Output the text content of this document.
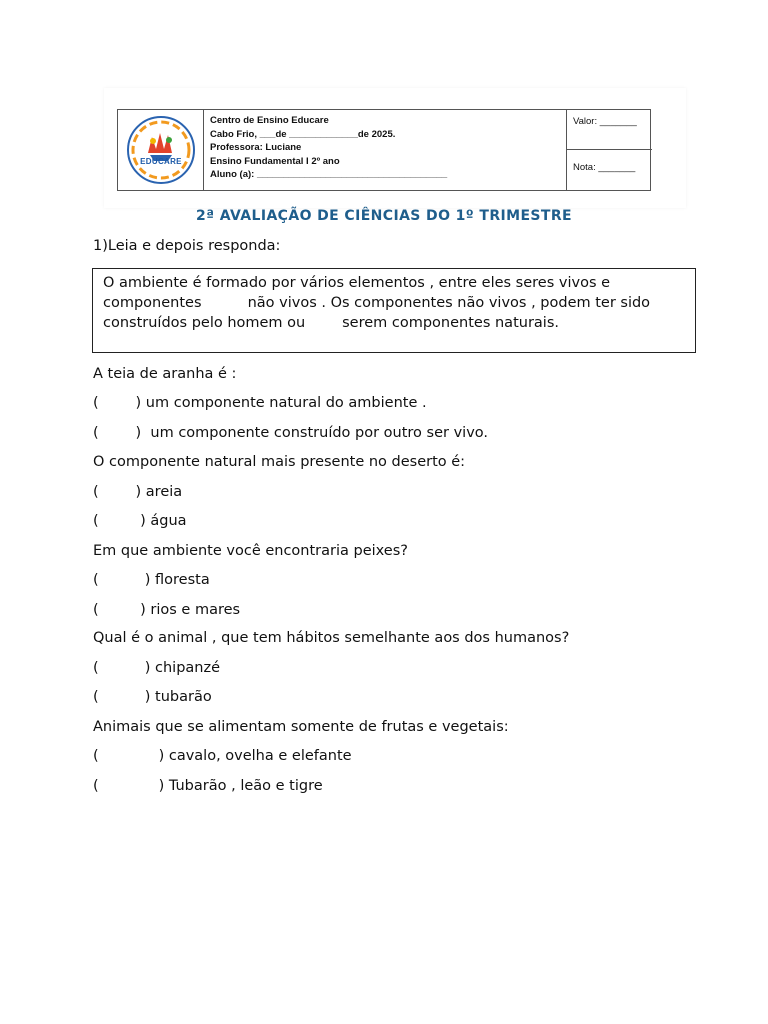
EDUCARE
Centro de Ensino Educare
Cabo Frio, ___de _____________de 2025.
Professora: Luciane
Ensino Fundamental I 2º ano
Aluno (a): ____________________________________
Valor: _______
Nota: _______
2ª AVALIAÇÃO DE CIÊNCIAS DO 1º TRIMESTRE
1)Leia e depois responda:
O ambiente é formado por vários elementos , entre eles seres vivos e
componentes          não vivos . Os componentes não vivos , podem ter sido
construídos pelo homem ou        serem componentes naturais.
A teia de aranha é :
(        ) um componente natural do ambiente .
(        )  um componente construído por outro ser vivo.
O componente natural mais presente no deserto é:
(        ) areia
(         ) água
Em que ambiente você encontraria peixes?
(          ) floresta
(         ) rios e mares
Qual é o animal , que tem hábitos semelhante aos dos humanos?
(          ) chipanzé
(          ) tubarão
Animais que se alimentam somente de frutas e vegetais:
(             ) cavalo, ovelha e elefante
(             ) Tubarão , leão e tigre
